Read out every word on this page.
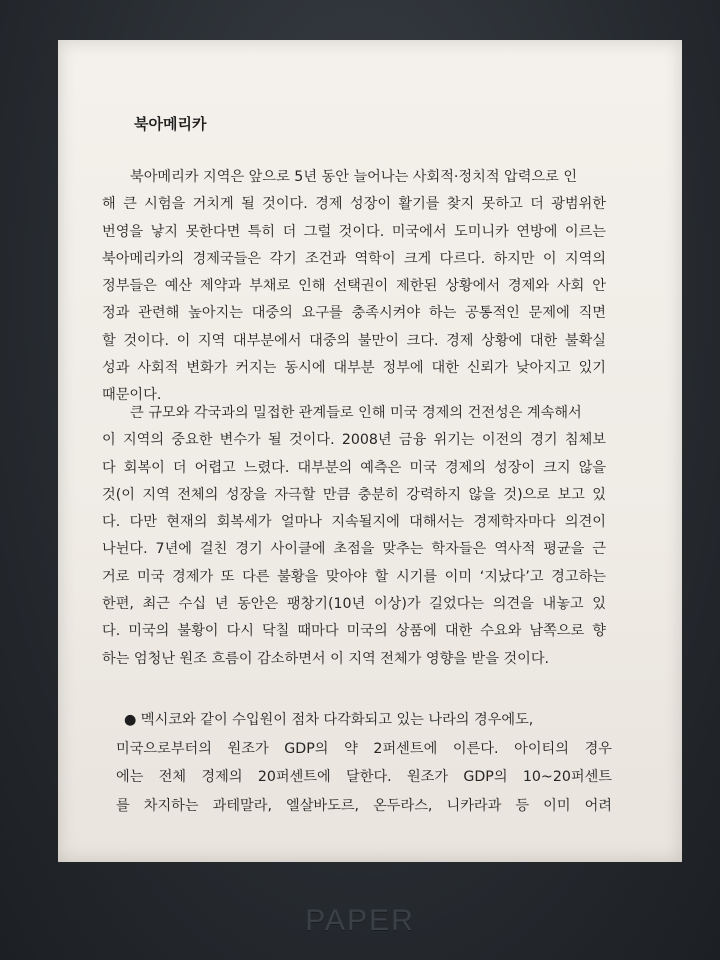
북아메리카
북아메리카 지역은 앞으로 5년 동안 늘어나는 사회적·정치적 압력으로 인
해 큰 시험을 거치게 될 것이다. 경제 성장이 활기를 찾지 못하고 더 광범위한
번영을 낳지 못한다면 특히 더 그럴 것이다. 미국에서 도미니카 연방에 이르는
북아메리카의 경제국들은 각기 조건과 역학이 크게 다르다. 하지만 이 지역의
정부들은 예산 제약과 부채로 인해 선택권이 제한된 상황에서 경제와 사회 안
정과 관련해 높아지는 대중의 요구를 충족시켜야 하는 공통적인 문제에 직면
할 것이다. 이 지역 대부분에서 대중의 불만이 크다. 경제 상황에 대한 불확실
성과 사회적 변화가 커지는 동시에 대부분 정부에 대한 신뢰가 낮아지고 있기
때문이다.
큰 규모와 각국과의 밀접한 관계들로 인해 미국 경제의 건전성은 계속해서
이 지역의 중요한 변수가 될 것이다. 2008년 금융 위기는 이전의 경기 침체보
다 회복이 더 어렵고 느렸다. 대부분의 예측은 미국 경제의 성장이 크지 않을
것(이 지역 전체의 성장을 자극할 만큼 충분히 강력하지 않을 것)으로 보고 있
다. 다만 현재의 회복세가 얼마나 지속될지에 대해서는 경제학자마다 의견이
나뉜다. 7년에 걸친 경기 사이클에 초점을 맞추는 학자들은 역사적 평균을 근
거로 미국 경제가 또 다른 불황을 맞아야 할 시기를 이미 ‘지났다’고 경고하는
한편, 최근 수십 년 동안은 팽창기(10년 이상)가 길었다는 의견을 내놓고 있
다. 미국의 불황이 다시 닥칠 때마다 미국의 상품에 대한 수요와 남쪽으로 향
하는 엄청난 원조 흐름이 감소하면서 이 지역 전체가 영향을 받을 것이다.
● 멕시코와 같이 수입원이 점차 다각화되고 있는 나라의 경우에도,
미국으로부터의 원조가 GDP의 약 2퍼센트에 이른다. 아이티의 경우
에는 전체 경제의 20퍼센트에 달한다. 원조가 GDP의 10~20퍼센트
를 차지하는 과테말라, 엘살바도르, 온두라스, 니카라과 등 이미 어려
PAPER
